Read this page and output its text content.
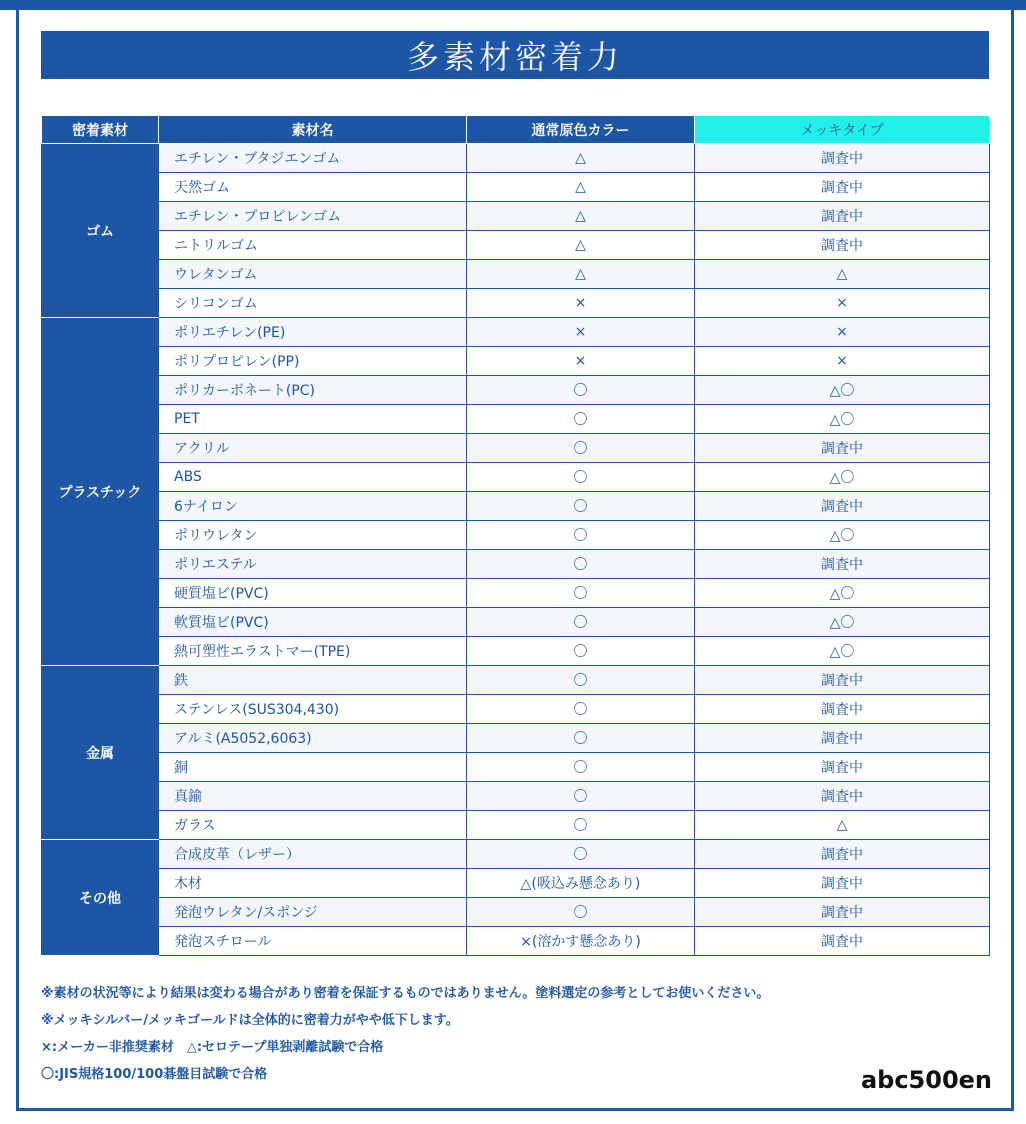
多素材密着力
密着素材	素材名	通常原色カラー	メッキタイプ
ゴム	エチレン・ブタジエンゴム	△	調査中
	天然ゴム	△	調査中
	エチレン・プロピレンゴム	△	調査中
	ニトリルゴム	△	調査中
	ウレタンゴム	△	△
	シリコンゴム	×	×
プラスチック	ポリエチレン(PE)	×	×
	ポリプロピレン(PP)	×	×
	ポリカーボネート(PC)	〇	△〇
	PET	〇	△〇
	アクリル	〇	調査中
	ABS	〇	△〇
	6ナイロン	〇	調査中
	ポリウレタン	〇	△〇
	ポリエステル	〇	調査中
	硬質塩ビ(PVC)	〇	△〇
	軟質塩ビ(PVC)	〇	△〇
	熱可塑性エラストマー(TPE)	〇	△〇
金属	鉄	〇	調査中
	ステンレス(SUS304,430)	〇	調査中
	アルミ(A5052,6063)	〇	調査中
	銅	〇	調査中
	真鍮	〇	調査中
	ガラス	〇	△
その他	合成皮革（レザー）	〇	調査中
	木材	△(吸込み懸念あり)	調査中
	発泡ウレタン/スポンジ	〇	調査中
	発泡スチロール	×(溶かす懸念あり)	調査中
※素材の状況等により結果は変わる場合があり密着を保証するものではありません。塗料選定の参考としてお使いください。
※メッキシルバー/メッキゴールドは全体的に密着力がやや低下します。
×:メーカー非推奨素材　△:セロテープ単独剥離試験で合格
〇:JIS規格100/100碁盤目試験で合格	abc500en
